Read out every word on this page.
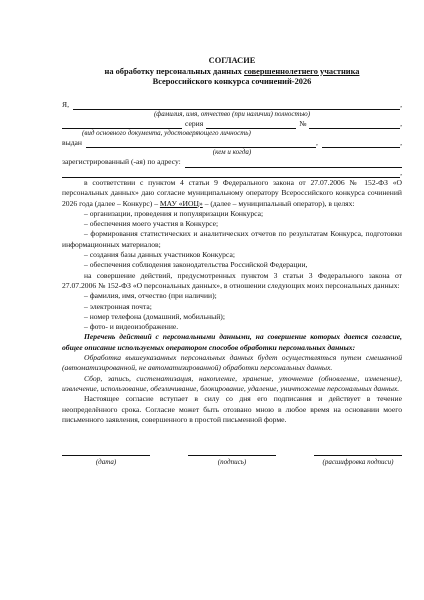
СОГЛАСИЕ
на обработку персональных данных совершеннолетнего участника
Всероссийского конкурса сочинений-2026
Я,	,
(фамилия, имя, отчество (при наличии) полностью)
серия	№	,
(вид основного документа, удостоверяющего личность)
выдан	,	,
(кем и когда)
зарегистрированный (-ая) по адресу:
,

в соответствии с пунктом 4 статьи 9 Федерального закона от 27.07.2006 № 152-ФЗ «О персональных данных» даю согласие муниципальному оператору Всероссийского конкурса сочинений 2026 года (далее – Конкурс) – МАУ «ИОЦ» – (далее – муниципальный оператор), в целях:

– организации, проведения и популяризации Конкурса;

– обеспечения моего участия в Конкурсе;

– формирования статистических и аналитических отчетов по результатам Конкурса, подготовки информационных материалов;

– создания базы данных участников Конкурса;

– обеспечения соблюдения законодательства Российской Федерации,

на совершение действий, предусмотренных пунктом 3 статьи 3 Федерального закона от 27.07.2006 № 152-ФЗ «О персональных данных», в отношении следующих моих персональных данных:

– фамилия, имя, отчество (при наличии);

– электронная почта;

– номер телефона (домашний, мобильный);

– фото- и видеоизображение.

Перечень действий с персональными данными, на совершение которых дается согласие, общее описание используемых оператором способов обработки персональных данных:

Обработка вышеуказанных персональных данных будет осуществляться путем смешанной (автоматизированной, не автоматизированной) обработки персональных данных.

Сбор, запись, систематизация, накопление, хранение, уточнение (обновление, изменение), извлечение, использование, обезличивание, блокирование, удаление, уничтожение персональных данных.

Настоящее согласие вступает в силу со дня его подписания и действует в течение неопределённого срока. Согласие может быть отозвано мною в любое время на основании моего письменного заявления, совершенного в простой письменной форме.

(дата)	(подпись)	(расшифровка подписи)
